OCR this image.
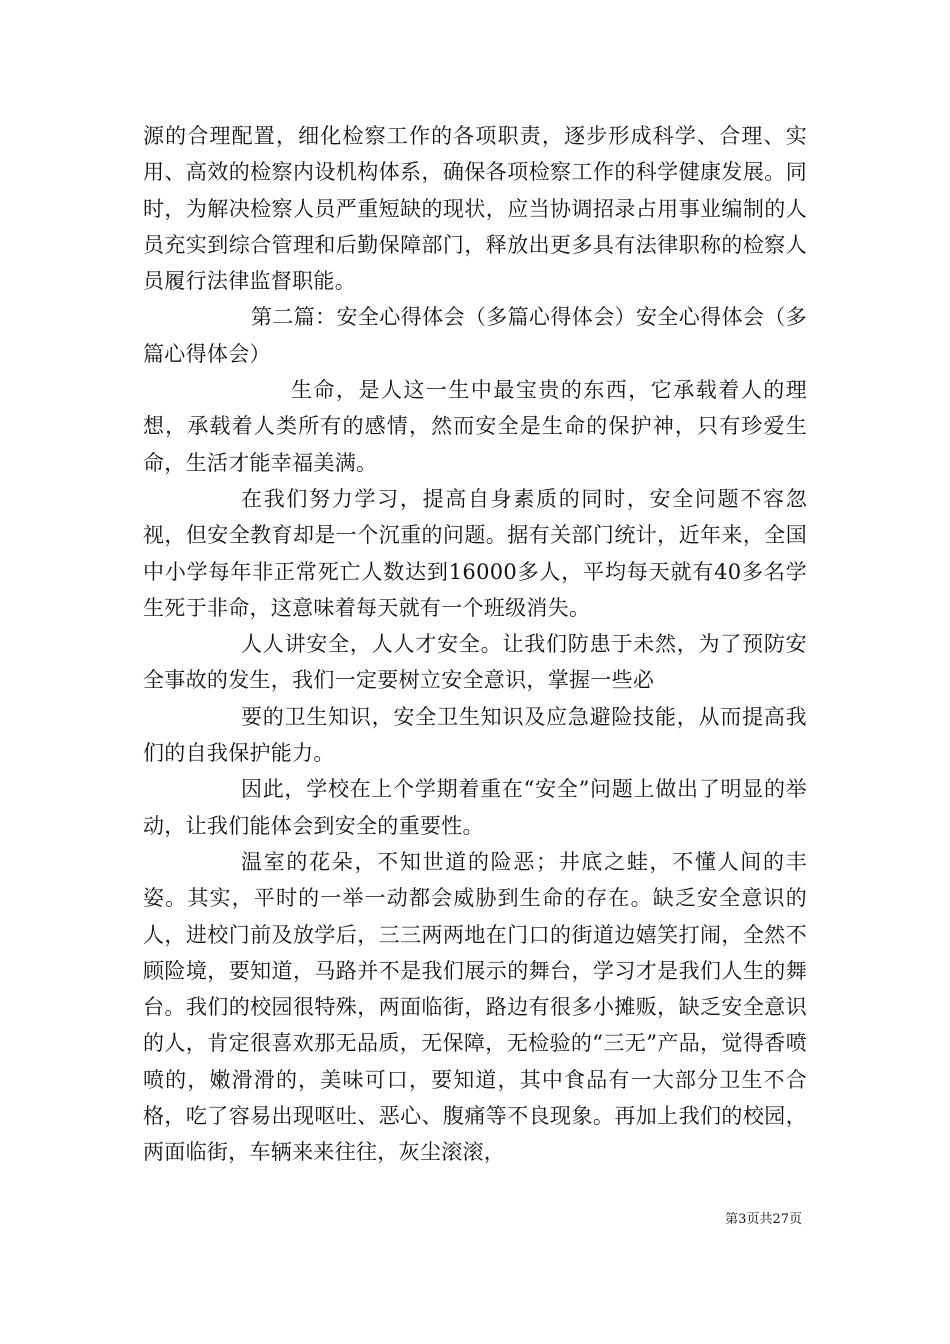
源的合理配置，细化检察工作的各项职责，逐步形成科学、合理、实用、高效的检察内设机构体系，确保各项检察工作的科学健康发展。同时，为解决检察人员严重短缺的现状，应当协调招录占用事业编制的人员充实到综合管理和后勤保障部门，释放出更多具有法律职称的检察人员履行法律监督职能。

第二篇：安全心得体会（多篇心得体会）安全心得体会（多篇心得体会）

生命，是人这一生中最宝贵的东西，它承载着人的理想，承载着人类所有的感情，然而安全是生命的保护神，只有珍爱生命，生活才能幸福美满。

在我们努力学习，提高自身素质的同时，安全问题不容忽视，但安全教育却是一个沉重的问题。据有关部门统计，近年来，全国中小学每年非正常死亡人数达到16000多人，平均每天就有40多名学生死于非命，这意味着每天就有一个班级消失。

人人讲安全，人人才安全。让我们防患于未然，为了预防安全事故的发生，我们一定要树立安全意识，掌握一些必

要的卫生知识，安全卫生知识及应急避险技能，从而提高我们的自我保护能力。

因此，学校在上个学期着重在“安全”问题上做出了明显的举动，让我们能体会到安全的重要性。

温室的花朵，不知世道的险恶；井底之蛙，不懂人间的丰姿。其实，平时的一举一动都会威胁到生命的存在。缺乏安全意识的人，进校门前及放学后，三三两两地在门口的街道边嬉笑打闹，全然不顾险境，要知道，马路并不是我们展示的舞台，学习才是我们人生的舞台。我们的校园很特殊，两面临街，路边有很多小摊贩，缺乏安全意识的人，肯定很喜欢那无品质，无保障，无检验的“三无”产品，觉得香喷喷的，嫩滑滑的，美味可口，要知道，其中食品有一大部分卫生不合格，吃了容易出现呕吐、恶心、腹痛等不良现象。再加上我们的校园，两面临街，车辆来来往往，灰尘滚滚，

第3页共27页
